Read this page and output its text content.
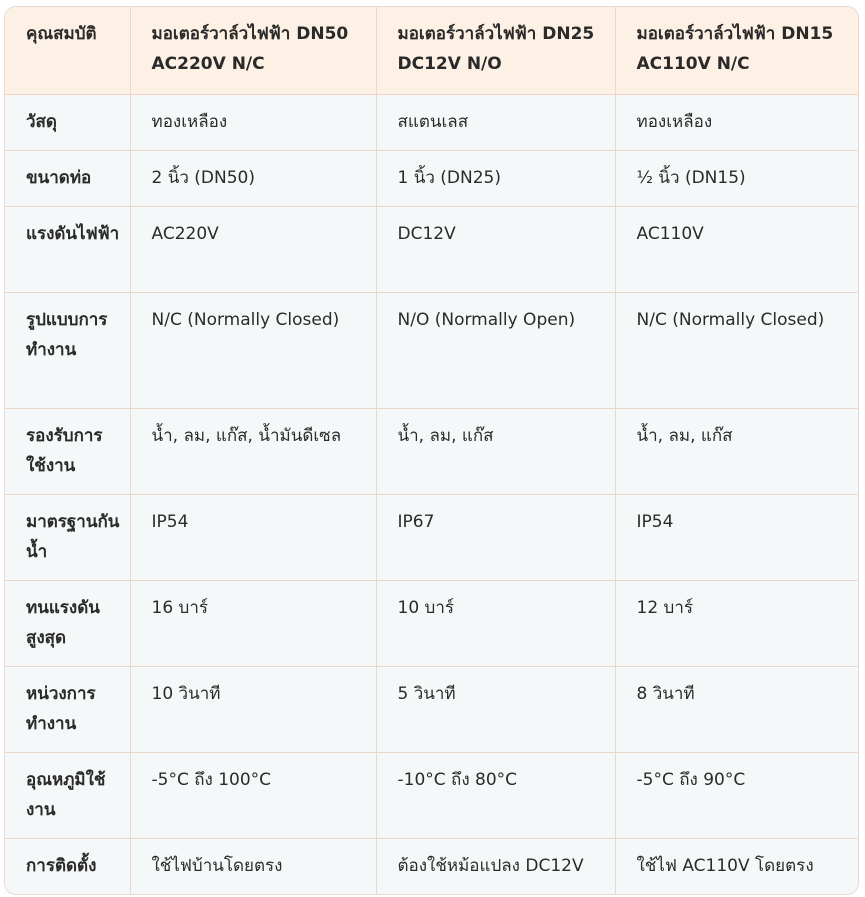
คุณสมบัติ	มอเตอร์วาล์วไฟฟ้า DN50 AC220V N/C	มอเตอร์วาล์วไฟฟ้า DN25 DC12V N/O	มอเตอร์วาล์วไฟฟ้า DN15 AC110V N/C
วัสดุ	ทองเหลือง	สแตนเลส	ทองเหลือง
ขนาดท่อ	2 นิ้ว (DN50)	1 นิ้ว (DN25)	½ นิ้ว (DN15)
แรงดันไฟฟ้า	AC220V	DC12V	AC110V
รูปแบบการทำงาน	N/C (Normally Closed)	N/O (Normally Open)	N/C (Normally Closed)
รองรับการใช้งาน	น้ำ, ลม, แก๊ส, น้ำมันดีเซล	น้ำ, ลม, แก๊ส	น้ำ, ลม, แก๊ส
มาตรฐานกันน้ำ	IP54	IP67	IP54
ทนแรงดันสูงสุด	16 บาร์	10 บาร์	12 บาร์
หน่วงการทำงาน	10 วินาที	5 วินาที	8 วินาที
อุณหภูมิใช้งาน	-5°C ถึง 100°C	-10°C ถึง 80°C	-5°C ถึง 90°C
การติดตั้ง	ใช้ไฟบ้านโดยตรง	ต้องใช้หม้อแปลง DC12V	ใช้ไฟ AC110V โดยตรง
